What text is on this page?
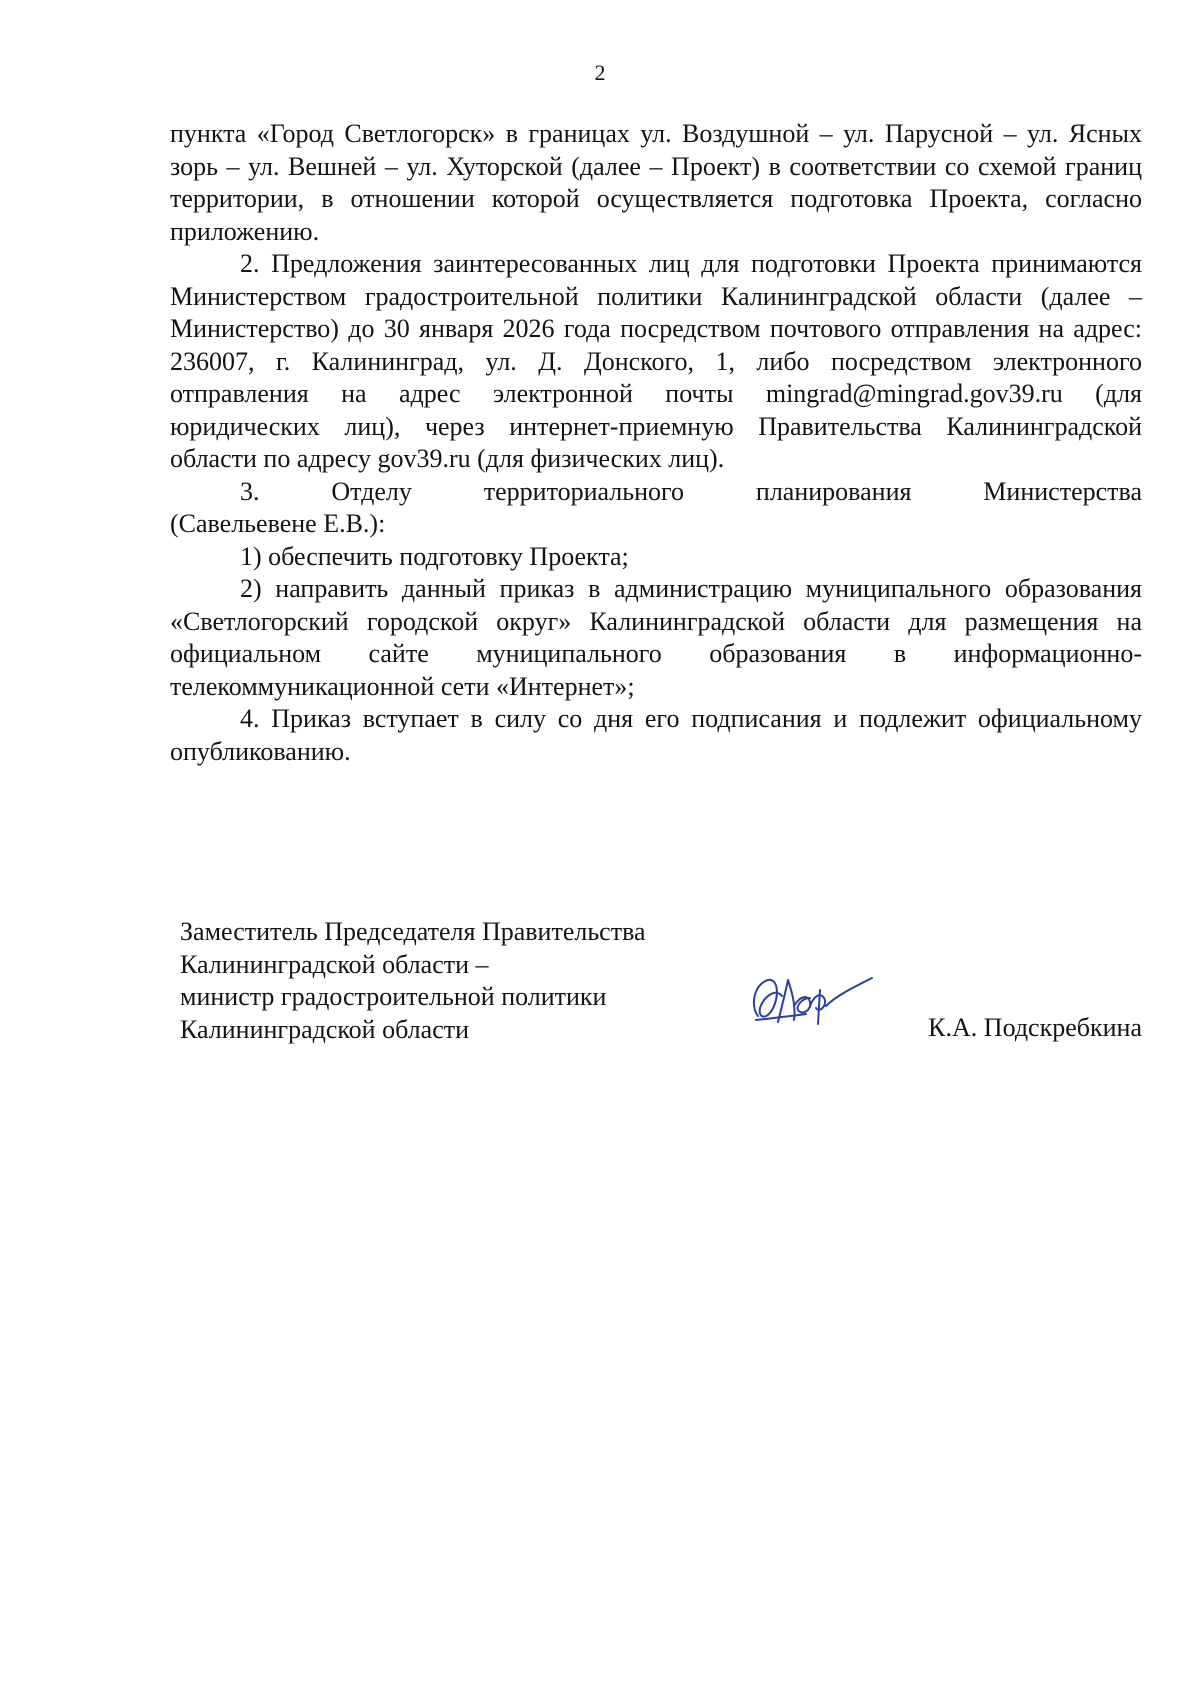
2

пункта «Город Светлогорск» в границах ул. Воздушной – ул. Парусной – ул. Ясных зорь – ул. Вешней – ул. Хуторской (далее – Проект) в соответствии со схемой границ территории, в отношении которой осуществляется подготовка Проекта, согласно приложению.

2. Предложения заинтересованных лиц для подготовки Проекта принимаются Министерством градостроительной политики Калининградской области (далее – Министерство) до 30 января 2026 года посредством почтового отправления на адрес: 236007, г. Калининград, ул. Д. Донского, 1, либо посредством электронного отправления на адрес электронной почты mingrad@mingrad.gov39.ru (для юридических лиц), через интернет-приемную Правительства Калининградской области по адресу gov39.ru (для физических лиц).

3. Отделу территориального планирования Министерства

(Савельевене Е.В.):

1) обеспечить подготовку Проекта;

2) направить данный приказ в администрацию муниципального образования «Светлогорский городской округ» Калининградской области для размещения на официальном сайте муниципального образования в информационно-телекоммуникационной сети «Интернет»;

4. Приказ вступает в силу со дня его подписания и подлежит официальному опубликованию.

Заместитель Председателя Правительства
Калининградской области –
министр градостроительной политики
Калининградской области	К.А. Подскребкина
